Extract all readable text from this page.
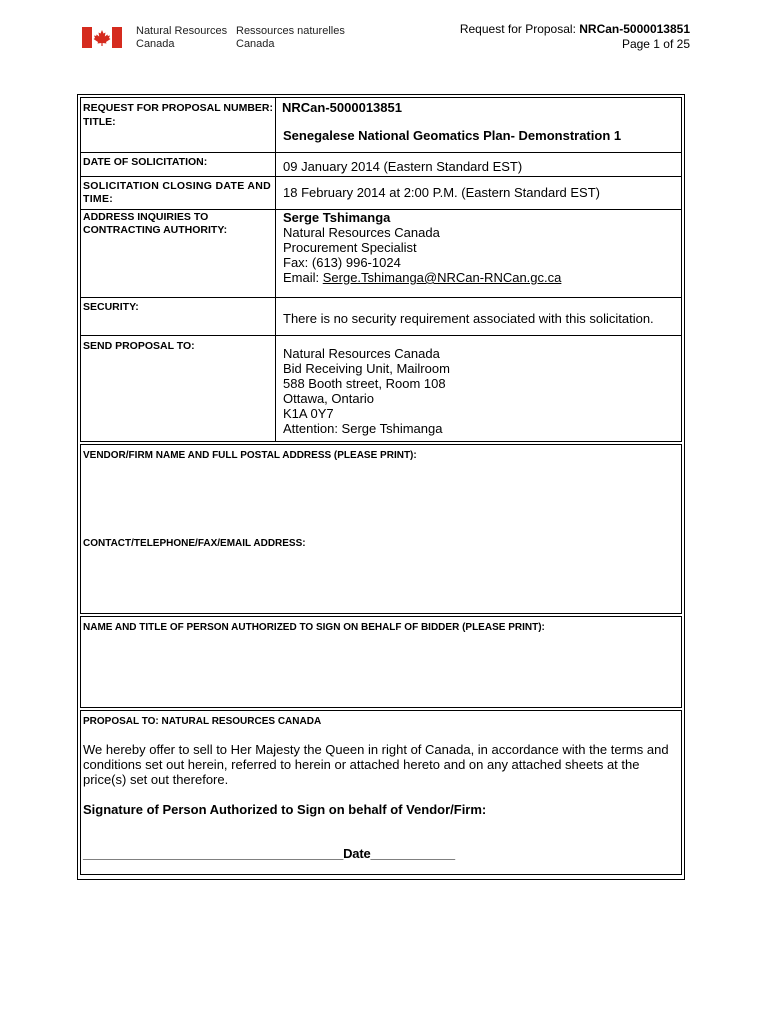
Natural Resources
Canada
Ressources naturelles
Canada
Request for Proposal: NRCan-5000013851
Page 1 of 25
REQUEST FOR PROPOSAL NUMBER: NRCan-5000013851
TITLE:
Senegalese National Geomatics Plan- Demonstration 1
DATE OF SOLICITATION:	09 January 2014 (Eastern Standard EST)
SOLICITATION CLOSING DATE AND
TIME:	18 February 2014 at 2:00 P.M. (Eastern Standard EST)
ADDRESS INQUIRIES TO
CONTRACTING AUTHORITY:
Serge Tshimanga
Natural Resources Canada
Procurement Specialist
Fax: (613) 996-1024
Email: Serge.Tshimanga@NRCan-RNCan.gc.ca
SECURITY:
There is no security requirement associated with this solicitation.
SEND PROPOSAL TO:	Natural Resources Canada
Bid Receiving Unit, Mailroom
588 Booth street, Room 108
Ottawa, Ontario
K1A 0Y7
Attention: Serge Tshimanga
VENDOR/FIRM NAME AND FULL POSTAL ADDRESS (PLEASE PRINT):
CONTACT/TELEPHONE/FAX/EMAIL ADDRESS:
NAME AND TITLE OF PERSON AUTHORIZED TO SIGN ON BEHALF OF BIDDER (PLEASE PRINT):
PROPOSAL TO: NATURAL RESOURCES CANADA
We hereby offer to sell to Her Majesty the Queen in right of Canada, in accordance with the terms and conditions set out herein, referred to herein or attached hereto and on any attached sheets at the price(s) set out therefore.
Signature of Person Authorized to Sign on behalf of Vendor/Firm:
_____________________________________Date____________
